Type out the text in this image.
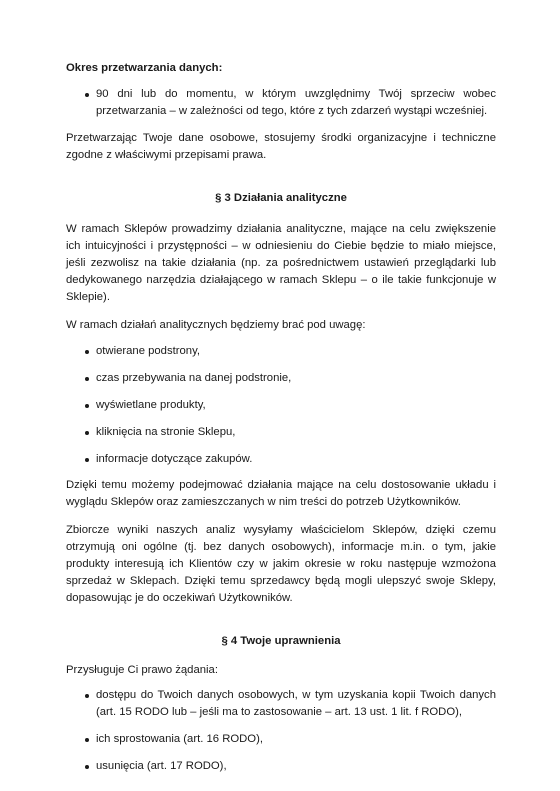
Okres przetwarzania danych:
90 dni lub do momentu, w którym uwzględnimy Twój sprzeciw wobec przetwarzania – w zależności od tego, które z tych zdarzeń wystąpi wcześniej.

Przetwarzając Twoje dane osobowe, stosujemy środki organizacyjne i techniczne zgodne z właściwymi przepisami prawa.

§ 3 Działania analityczne

W ramach Sklepów prowadzimy działania analityczne, mające na celu zwiększenie ich intuicyjności i przystępności – w odniesieniu do Ciebie będzie to miało miejsce, jeśli zezwolisz na takie działania (np. za pośrednictwem ustawień przeglądarki lub dedykowanego narzędzia działającego w ramach Sklepu – o ile takie funkcjonuje w Sklepie).

W ramach działań analitycznych będziemy brać pod uwagę:

otwierane podstrony,
czas przebywania na danej podstronie,
wyświetlane produkty,
kliknięcia na stronie Sklepu,
informacje dotyczące zakupów.

Dzięki temu możemy podejmować działania mające na celu dostosowanie układu i wyglądu Sklepów oraz zamieszczanych w nim treści do potrzeb Użytkowników.

Zbiorcze wyniki naszych analiz wysyłamy właścicielom Sklepów, dzięki czemu otrzymują oni ogólne (tj. bez danych osobowych), informacje m.in. o tym, jakie produkty interesują ich Klientów czy w jakim okresie w roku następuje wzmożona sprzedaż w Sklepach. Dzięki temu sprzedawcy będą mogli ulepszyć swoje Sklepy, dopasowując je do oczekiwań Użytkowników.

§ 4 Twoje uprawnienia

Przysługuje Ci prawo żądania:

dostępu do Twoich danych osobowych, w tym uzyskania kopii Twoich danych (art. 15 RODO lub – jeśli ma to zastosowanie – art. 13 ust. 1 lit. f RODO),
ich sprostowania (art. 16 RODO),
usunięcia (art. 17 RODO),
